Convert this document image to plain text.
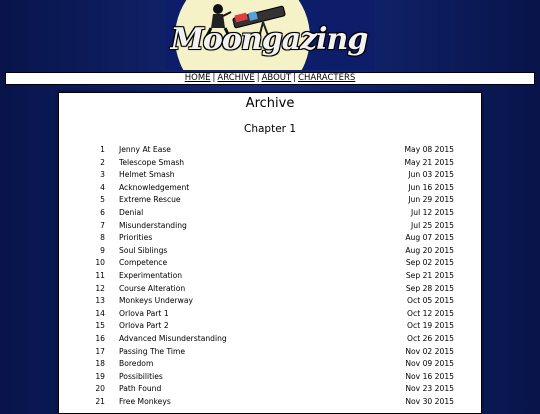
Moongazing
HOME | ARCHIVE | ABOUT | CHARACTERS
Archive
Chapter 1
1 Jenny At Ease	May 08 2015
2 Telescope Smash	May 21 2015
3 Helmet Smash	Jun 03 2015
4 Acknowledgement	Jun 16 2015
5 Extreme Rescue	Jun 29 2015
6 Denial	Jul 12 2015
7 Misunderstanding	Jul 25 2015
8 Priorities	Aug 07 2015
9 Soul Siblings	Aug 20 2015
10 Competence	Sep 02 2015
11 Experimentation	Sep 21 2015
12 Course Alteration	Sep 28 2015
13 Monkeys Underway	Oct 05 2015
14 Orlova Part 1	Oct 12 2015
15 Orlova Part 2	Oct 19 2015
16 Advanced Misunderstanding	Oct 26 2015
17 Passing The Time	Nov 02 2015
18 Boredom	Nov 09 2015
19 Possibilities	Nov 16 2015
20 Path Found	Nov 23 2015
21 Free Monkeys	Nov 30 2015
